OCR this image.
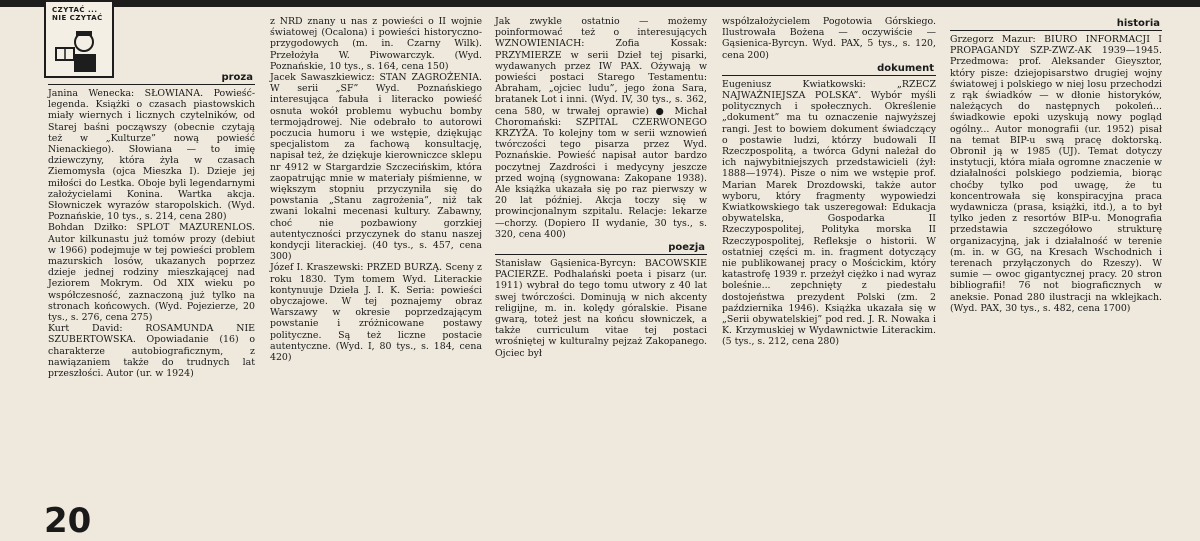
CZYTAĆ ... NIE CZYTAĆ
proza

Janina Wenecka: SŁOWIANA. Powieść-legenda. Książki o czasach piastowskich miały wiernych i licznych czytelników, od Starej baśni począwszy (obecnie czytają też w „Kulturze” nową powieść Nienackiego). Słowiana — to imię dziewczyny, która żyła w czasach Ziemomysła (ojca Mieszka I). Dzieje jej miłości do Lestka. Oboje byli legendarnymi założycielami Konina. Wartka akcja. Słowniczek wyrazów staropolskich. (Wyd. Poznańskie, 10 tys., s. 214, cena 280)

Bohdan Dziłko: SPLOT MAZURENLOS. Autor kilkunastu już tomów prozy (debiut w 1966) podejmuje w tej powieści problem mazurskich losów, ukazanych poprzez dzieje jednej rodziny mieszkającej nad Jeziorem Mokrym. Od XIX wieku po współczesność, zaznaczoną już tylko na stronach końcowych. (Wyd. Pojezierze, 20 tys., s. 276, cena 275)

Kurt David: ROSAMUNDA NIE SZUBERTOWSKA. Opowiadanie (16) o charakterze autobiograficznym, z nawiązaniem także do trudnych lat przeszłości. Autor (ur. w 1924)

z NRD znany u nas z powieści o II wojnie światowej (Ocalona) i powieści historyczno-przygodowych (m. in. Czarny Wilk). Przełożyła W. Piwowarczyk. (Wyd. Poznańskie, 10 tys., s. 164, cena 150)

Jacek Sawaszkiewicz: STAN ZAGROŻENIA. W serii „SF” Wyd. Poznańskiego interesująca fabuła i literacko powieść osnuta wokół problemu wybuchu bomby termojądrowej. Nie odebrało to autorowi poczucia humoru i we wstępie, dziękując specjalistom za fachową konsultację, napisał też, że dziękuje kierowniczce sklepu nr 4912 w Stargardzie Szczecińskim, która zaopatrując mnie w materiały piśmienne, w większym stopniu przyczyniła się do powstania „Stanu zagrożenia”, niż tak zwani lokalni mecenasi kultury. Zabawny, choć nie pozbawiony gorzkiej autentyczności przyczynek do stanu naszej kondycji literackiej. (40 tys., s. 457, cena 300)

Józef I. Kraszewski: PRZED BURZĄ. Sceny z roku 1830. Tym tomem Wyd. Literackie kontynuuje Dzieła J. I. K. Seria: powieści obyczajowe. W tej poznajemy obraz Warszawy w okresie poprzedzającym powstanie i zróżnicowane postawy polityczne. Są też liczne postacie autentyczne. (Wyd. I, 80 tys., s. 184, cena 420)

Jak zwykle ostatnio — możemy poinformować też o interesujących WZNOWIENIACH: Zofia Kossak: PRZYMIERZE w serii Dzieł tej pisarki, wydawanych przez IW PAX. Ożywają w powieści postaci Starego Testamentu: Abraham, „ojciec ludu”, jego żona Sara, bratanek Lot i inni. (Wyd. IV, 30 tys., s. 362, cena 580, w trwałej oprawie) ● Michał Choromański: SZPITAL CZERWONEGO KRZYŻA. To kolejny tom w serii wznowień twórczości tego pisarza przez Wyd. Poznańskie. Powieść napisał autor bardzo poczytnej Zazdrości i medycyny jeszcze przed wojną (sygnowana: Zakopane 1938). Ale książka ukazała się po raz pierwszy w 20 lat później. Akcja toczy się w prowincjonalnym szpitalu. Relacje: lekarze—chorzy. (Dopiero II wydanie, 30 tys., s. 320, cena 400)

poezja

Stanisław Gąsienica-Byrcyn: BACOWSKIE PACIERZE. Podhalański poeta i pisarz (ur. 1911) wybrał do tego tomu utwory z 40 lat swej twórczości. Dominują w nich akcenty religijne, m. in. kolędy góralskie. Pisane gwarą, toteż jest na końcu słowniczek, a także curriculum vitae tej postaci wrośniętej w kulturalny pejzaż Zakopanego. Ojciec był

współzałożycielem Pogotowia Górskiego. Ilustrowała Bożena — oczywiście — Gąsienica-Byrcyn. Wyd. PAX, 5 tys., s. 120, cena 200)

dokument

Eugeniusz Kwiatkowski: „RZECZ NAJWAŻNIEJSZA POLSKA”. Wybór myśli politycznych i społecznych. Określenie „dokument” ma tu oznaczenie najwyższej rangi. Jest to bowiem dokument świadczący o postawie ludzi, którzy budowali II Rzeczpospolitą, a twórca Gdyni należał do ich najwybitniejszych przedstawicieli (żył: 1888—1974). Pisze o nim we wstępie prof. Marian Marek Drozdowski, także autor wyboru, który fragmenty wypowiedzi Kwiatkowskiego tak uszeregował: Edukacja obywatelska, Gospodarka II Rzeczypospolitej, Polityka morska II Rzeczypospolitej, Refleksje o historii. W ostatniej części m. in. fragment dotyczący nie publikowanej pracy o Mościckim, który katastrofę 1939 r. przeżył ciężko i nad wyraz boleśnie... zepchnięty z piedestału dostojeństwa prezydent Polski (zm. 2 października 1946). Książka ukazała się w „Serii obywatelskiej” pod red. J. R. Nowaka i K. Krzymuskiej w Wydawnictwie Literackim. (5 tys., s. 212, cena 280)

historia

Grzegorz Mazur: BIURO INFORMACJI I PROPAGANDY SZP-ZWZ-AK 1939—1945. Przedmowa: prof. Aleksander Gieysztor, który pisze: dziejopisarstwo drugiej wojny światowej i polskiego w niej losu przechodzi z rąk świadków — w dłonie historyków, należących do następnych pokoleń... świadkowie epoki uzyskują nowy pogląd ogólny... Autor monografii (ur. 1952) pisał na temat BIP-u swą pracę doktorską. Obronił ją w 1985 (UJ). Temat dotyczy instytucji, która miała ogromne znaczenie w działalności polskiego podziemia, biorąc choćby tylko pod uwagę, że tu koncentrowała się konspiracyjna praca wydawnicza (prasa, książki, itd.), a to był tylko jeden z resortów BIP-u. Monografia przedstawia szczegółowo strukturę organizacyjną, jak i działalność w terenie (m. in. w GG, na Kresach Wschodnich i terenach przyłączonych do Rzeszy). W sumie — owoc gigantycznej pracy. 20 stron bibliografii! 76 not biograficznych w aneksie. Ponad 280 ilustracji na wklejkach. (Wyd. PAX, 30 tys., s. 482, cena 1700)

20
